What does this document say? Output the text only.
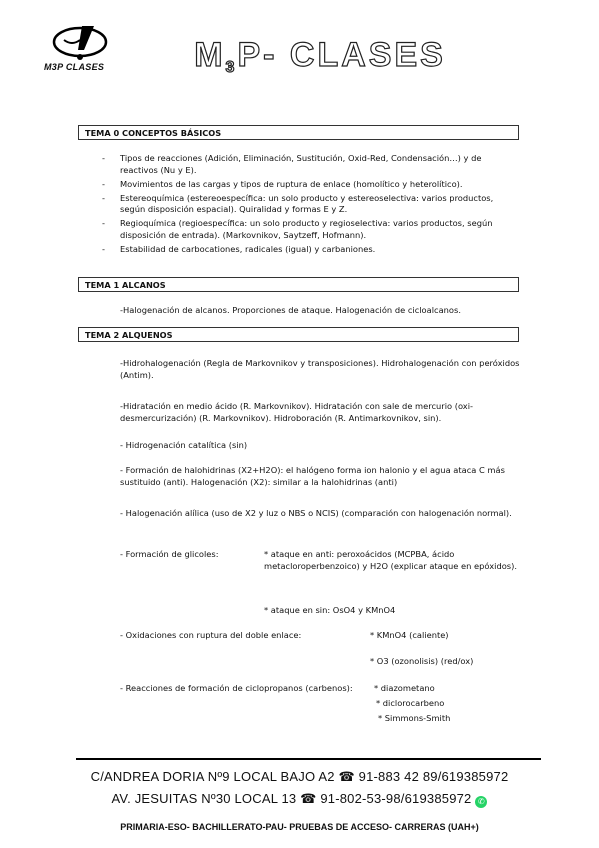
M3P CLASES	$M_3P-$ CLASES
TEMA 0 CONCEPTOS BÁSICOS
- Tipos de reacciones (Adición, Eliminación, Sustitución, Oxid-Red, Condensación…) y de reactivos (Nu y E).
- Movimientos de las cargas y tipos de ruptura de enlace (homolítico y heterolítico).
- Estereoquímica (estereoespecífica: un solo producto y estereoselectiva: varios productos, según disposición espacial). Quiralidad y formas E y Z.
- Regioquímica (regioespecífica: un solo producto y regioselectiva: varios productos, según disposición de entrada). (Markovnikov, Saytzeff, Hofmann).
- Estabilidad de carbocationes, radicales (igual) y carbaniones.
TEMA 1 ALCANOS
-Halogenación de alcanos. Proporciones de ataque. Halogenación de cicloalcanos.
TEMA 2 ALQUENOS
-Hidrohalogenación (Regla de Markovnikov y transposiciones). Hidrohalogenación con peróxidos (Antim).
-Hidratación en medio ácido (R. Markovnikov). Hidratación con sale de mercurio (oxi-desmercurización) (R. Markovnikov). Hidroboración (R. Antimarkovnikov, sin).
- Hidrogenación catalítica (sin)
- Formación de halohidrinas (X2+H2O): el halógeno forma ion halonio y el agua ataca C más sustituido (anti). Halogenación (X2): similar a la halohidrinas (anti)
- Halogenación alílica (uso de X2 y luz o NBS o NCIS) (comparación con halogenación normal).
- Formación de glicoles:	* ataque en anti: peroxoácidos (MCPBA, ácido metacloroperbenzoico) y H2O (explicar ataque en epóxidos).
* ataque en sin: OsO4 y KMnO4
- Oxidaciones con ruptura del doble enlace:	* KMnO4 (caliente)
* O3 (ozonolisis) (red/ox)
- Reacciones de formación de ciclopropanos (carbenos):	* diazometano
* diclorocarbeno
* Simmons-Smith
C/ANDREA DORIA Nº9 LOCAL BAJO A2 ☎ 91-883 42 89/619385972
AV. JESUITAS Nº30 LOCAL 13 ☎ 91-802-53-98/619385972 ✆
PRIMARIA-ESO- BACHILLERATO-PAU- PRUEBAS DE ACCESO- CARRERAS (UAH+)
